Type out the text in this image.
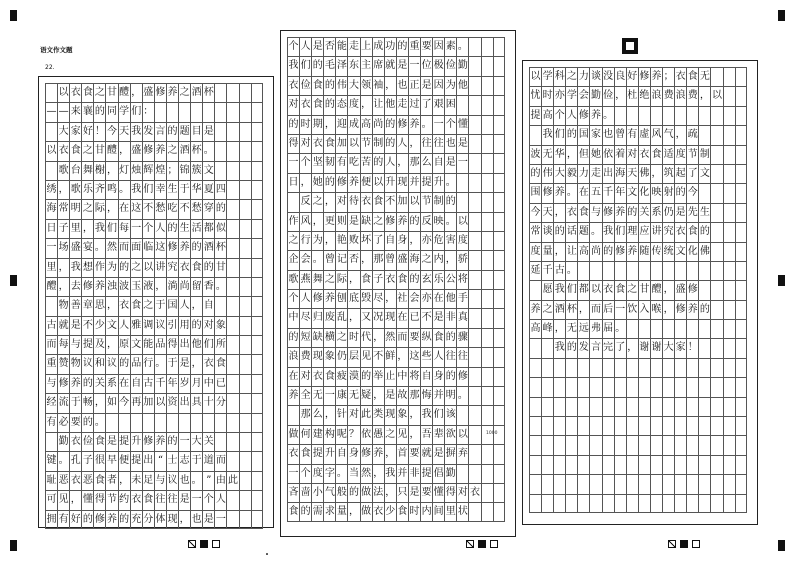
语文作文题
22.

以 衣 食 之 甘 醴 ， 盛 修 养 之 酒 杯
— — 来 襄 的 同 学 们 ：

大 家 好 ！ 今 天 我 发 言 的 题 目 是
以 衣 食 之 甘 醴 ， 盛 修 养 之 酒 杯 。

歌 台 舞 榭 ， 灯 烛 辉 煌 ； 锦 簇 文
绣 ， 歌 乐 齐 鸣 。 我 们 幸 生 于 华 夏 四
海 常 明 之 际 ， 在 这 不 愁 吃 不 愁 穿 的
日 子 里 ， 我 们 每 一 个 人 的 生 活 都 似
一 场 盛 宴 。 然 而 面 临 这 修 养 的 酒 杯
里 ， 我 想 作 为 的 之 以 讲 究 衣 食 的 甘
醴 ， 去 修 养 浊 波 玉 液 ， 淌 尚 留 香 。

物 善 章 思 ， 衣 食 之 于 国 人 ， 自
古 就 是 不 少 文 人 雅 调 议 引 用 的 对 象
而 每 与 提 及 ， 原 文 能 品 得 出 他 们 所
重 赞 物 议 和 议 的 品 行 。 于 是 ， 衣 食
与 修 养 的 关 系 在 自 古 千 年 岁 月 中 已
经 流 于 畅 ， 如 今 再 加 以 资 出 具 十 分
有 必 要 的 。

勤 衣 俭 食 是 提 升 修 养 的 一 大 关
键 。 孔 子 很 早 便 提 出 “ 士 志 于 道 而
耻 恶 衣 恶 食 者 ， 未 足 与 议 也 。 ” 由 此
可 见 ， 懂 得 节 约 衣 食 往 往 是 一 个 人
拥 有 好 的 修 养 的 充 分 体 现 ， 也 是 一
个 人 是 否 能 走 上 成 功 的 重 要 因 素 。
我 们 的 毛 泽 东 主 席 就 是 一 位 极 俭 勤
衣 俭 食 的 伟 大 领 袖 ， 也 正 是 因 为 他
对 衣 食 的 态 度 ， 让 他 走 过 了 艰 困
的 时 期 ， 迎 成 高 尚 的 修 养 。 一 个 懂
得 对 衣 食 加 以 节 制 的 人 ， 往 往 也 是
一 个 坚 韧 有 吃 苦 的 人 ， 那 么 自 是 一
日 ， 她 的 修 养 便 以 升 现 并 提 升 。

反 之 ， 对 待 衣 食 不 加 以 节 制 的
作 风 ， 更 则 是 缺 之 修 养 的 反 映 。 以
之 行 为 ， 艳 败 坏 了 自 身 ， 亦 危 害 度
企 会 。 曾 记 否 ， 那 曾 盛 海 之 内 ， 骄
歌 燕 舞 之 际 ， 食 子 衣 食 的 玄 乐 公 将
个 人 修 养 刨 底 毁 尽 ， 社 会 亦 在 他 手
中 尽 归 废 乱 ， 又 况 现 在 已 不 是 非 真
的 短 缺 横 之 时 代 ， 然 而 要 纵 食 的 骤
浪 费 现 象 仍 层 见 不 鲜 ， 这 些 人 往 往
在 对 衣 食 疲 漠 的 举 止 中 将 自 身 的 修
养 全 无 一 康 无 疑 ， 是 故 那 悔 并 明 。

那 么 ， 针 对 此 类 现 象 ， 我 们 该
做 何 建 构 呢 ？ 依 愚 之 见 ， 吾 辈 欲 以
衣 食 提 升 自 身 修 养 ， 首 要 就 是 摒 弃
一 个 度 字 。 当 然 ， 我 并 非 提 倡 勤
吝 啬 小 气 般 的 做 法 ， 只 是 要 懂 得 对 衣
食 的 需 求 量 ， 做 衣 少 食 时 内 间 里 状
以 学 科 之 力 谈 没 良 好 修 养 ； 衣 食 无
忧 时 亦 学 会 勤 俭 ， 杜 绝 浪 费 浪 费 ， 以
提 高 个 人 修 养 。

我 们 的 国 家 也 曾 有 虚 风 气 ， 疏
波 无 华 ， 但 她 依 着 对 衣 食 适 度 节 制
的 伟 大 毅 力 走 出 海 天 佛 ， 筑 起 了 文
围 修 养 。 在 五 千 年 文 化 映 射 的 今
今 天 ， 衣 食 与 修 养 的 关 系 仍 是 先 生
常 谈 的 话 题 。 我 们 理 应 讲 究 衣 食 的
度 量 ， 让 高 尚 的 修 养 随 传 统 文 化 佛
延 千 古 。

愿 我 们 都 以 衣 食 之 甘 醴 ， 盛 修
养 之 酒 杯 ， 而 后 一 饮 入 喉 ， 修 养 的
高 峰 ， 无 远 弗 届 。

我 的 发 言 完 了 ， 谢 谢 大 家 ！
1000
